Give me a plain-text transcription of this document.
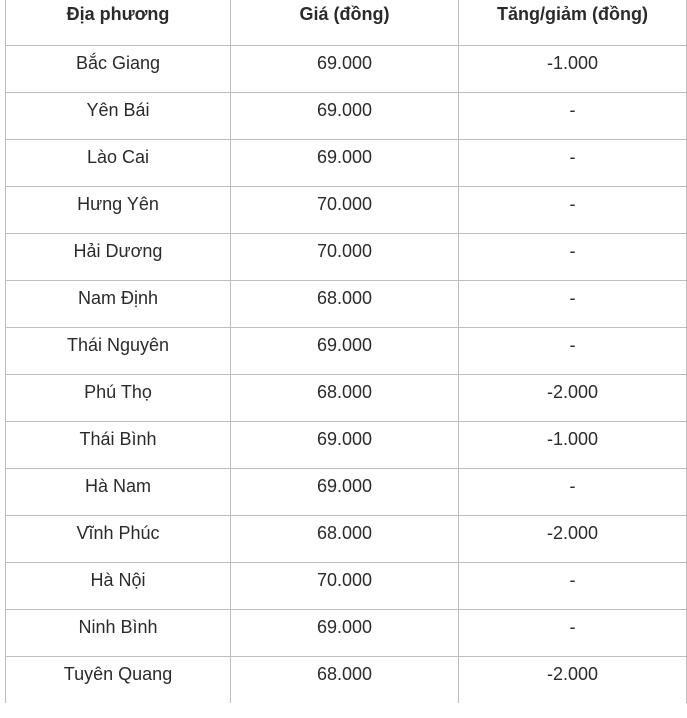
Địa phương	Giá (đồng)	Tăng/giảm (đồng)
Bắc Giang	69.000	-1.000
Yên Bái	69.000	-
Lào Cai	69.000	-
Hưng Yên	70.000	-
Hải Dương	70.000	-
Nam Định	68.000	-
Thái Nguyên	69.000	-
Phú Thọ	68.000	-2.000
Thái Bình	69.000	-1.000
Hà Nam	69.000	-
Vĩnh Phúc	68.000	-2.000
Hà Nội	70.000	-
Ninh Bình	69.000	-
Tuyên Quang	68.000	-2.000
